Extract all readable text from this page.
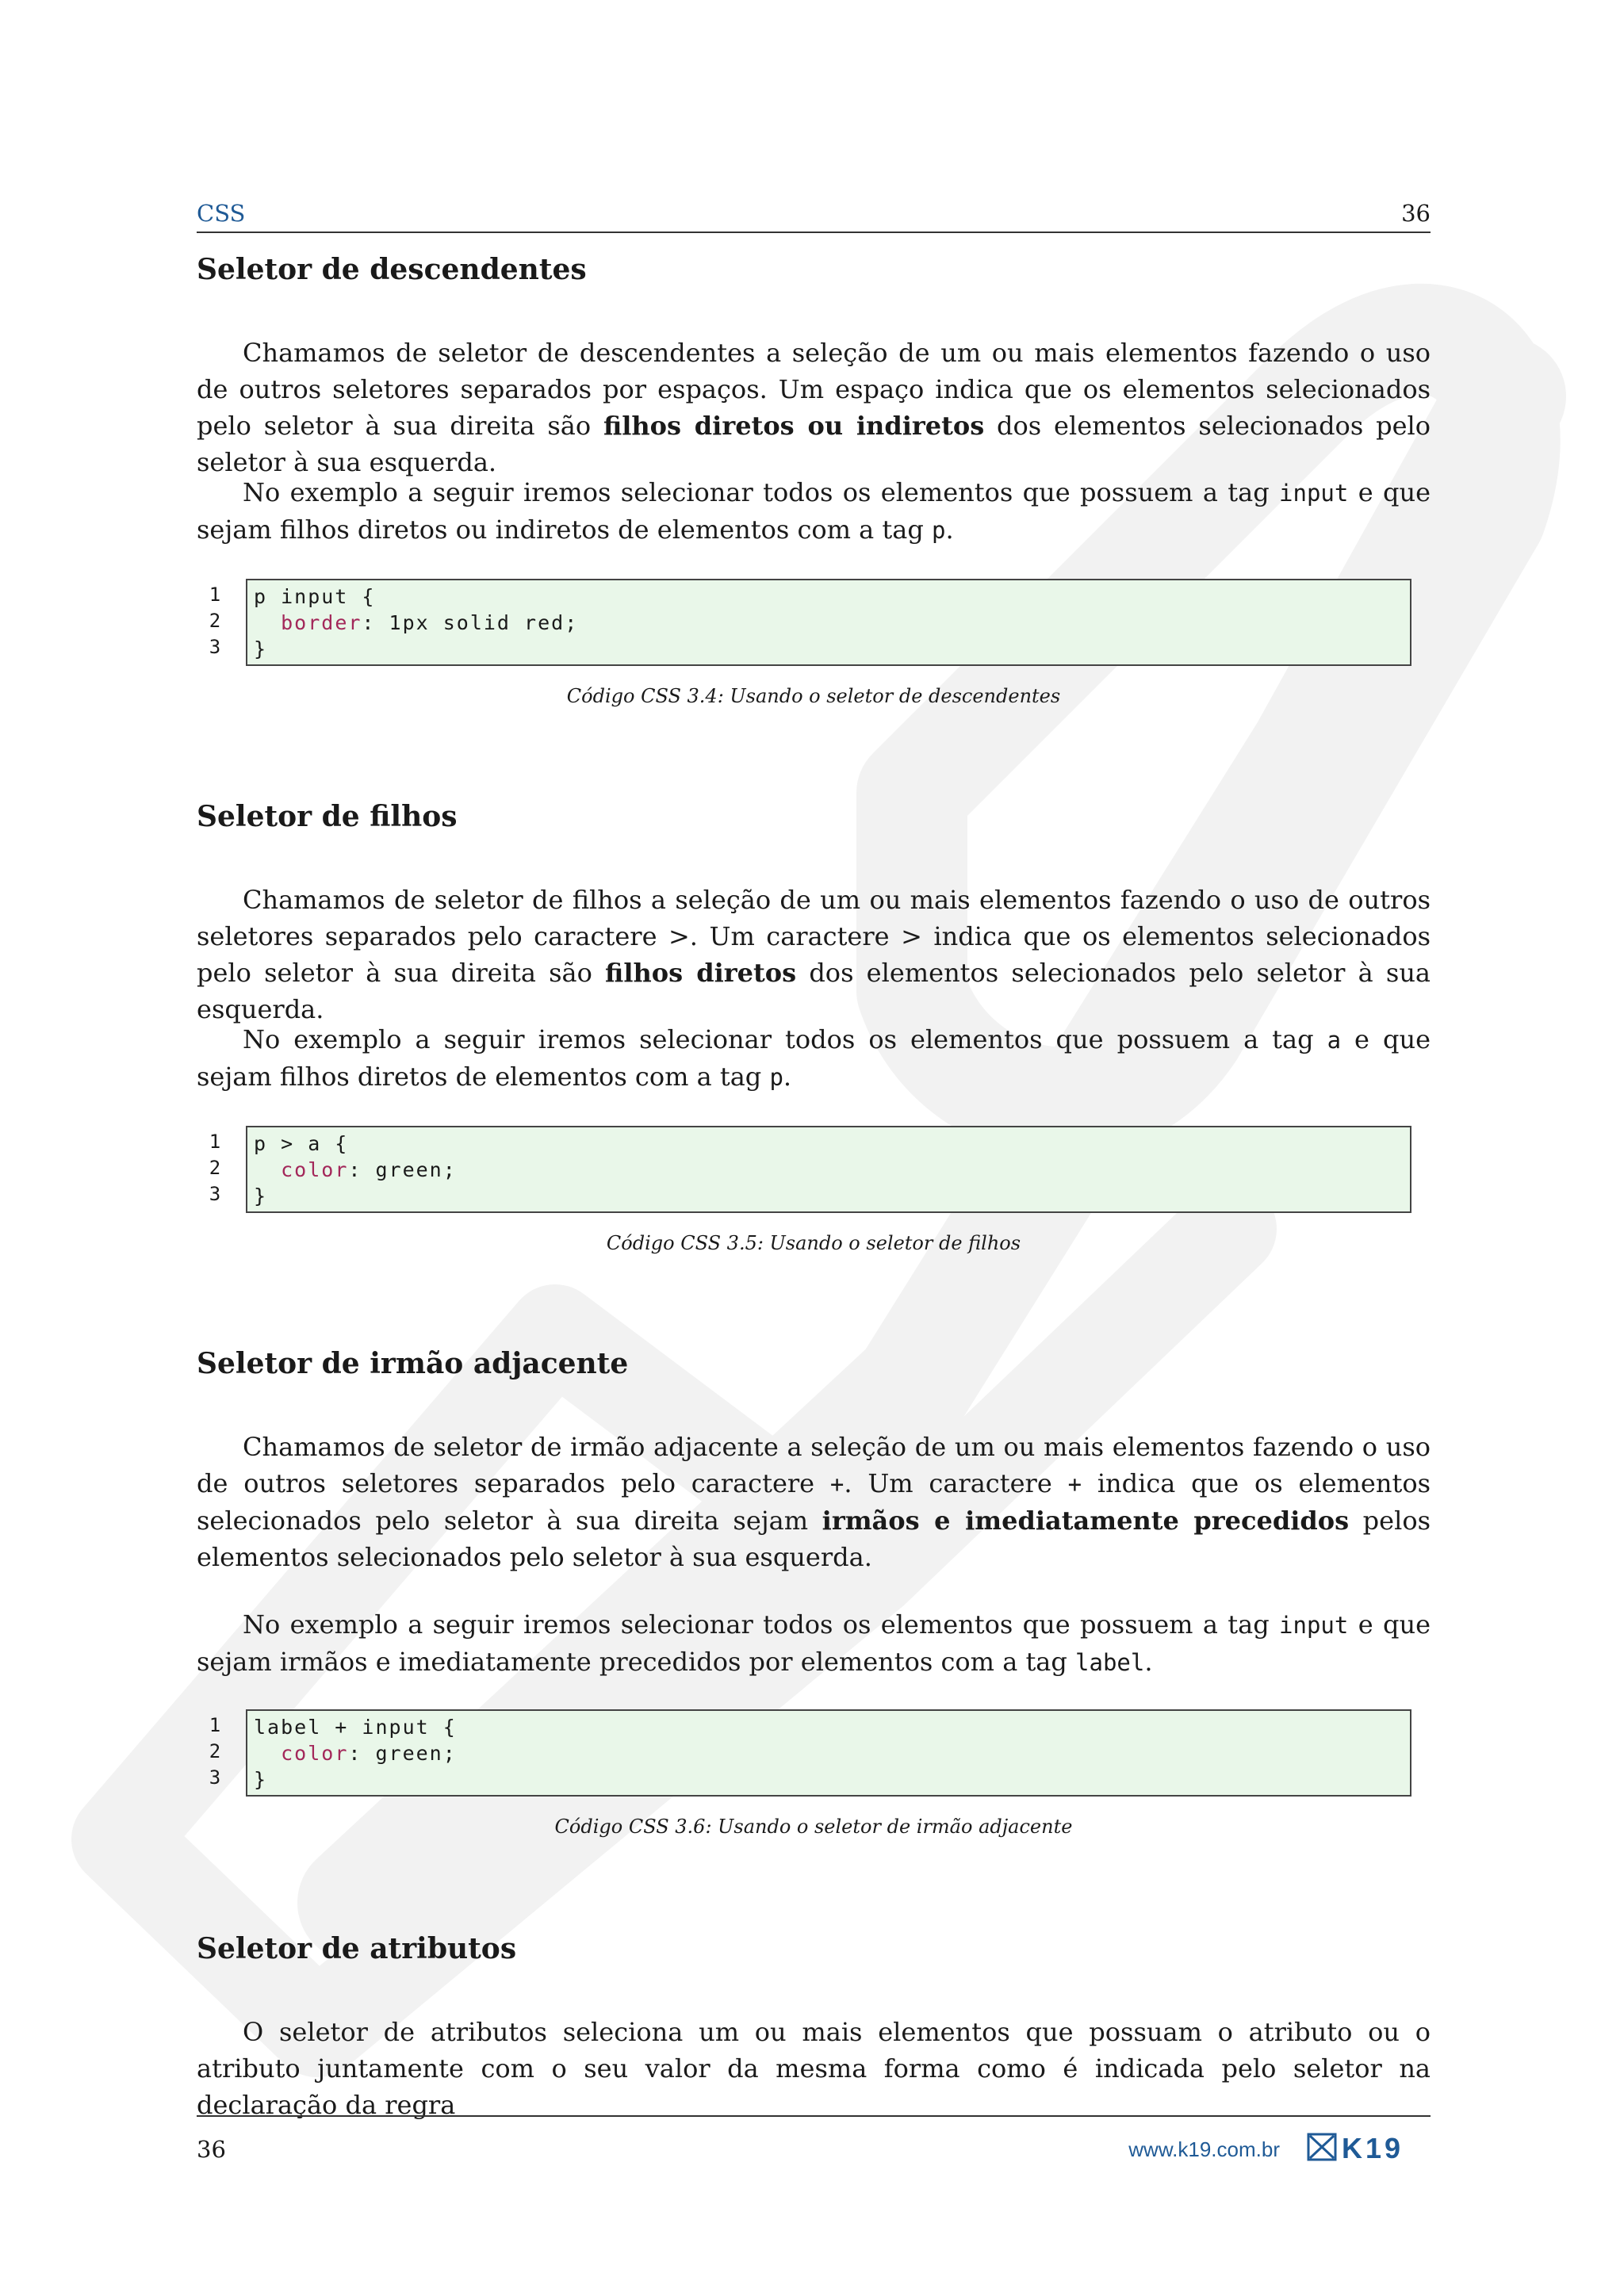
CSS	36
Seletor de descendentes

Chamamos de seletor de descendentes a seleção de um ou mais elementos fazendo o uso de outros seletores separados por espaços. Um espaço indica que os elementos selecionados pelo seletor à sua direita são filhos diretos ou indiretos dos elementos selecionados pelo seletor à sua esquerda.

No exemplo a seguir iremos selecionar todos os elementos que possuem a tag input e que sejam filhos diretos ou indiretos de elementos com a tag p.

1
2
3
p input {
border: 1px solid red;
}
Código CSS 3.4: Usando o seletor de descendentes
Seletor de filhos

Chamamos de seletor de filhos a seleção de um ou mais elementos fazendo o uso de outros seletores separados pelo caractere >. Um caractere > indica que os elementos selecionados pelo seletor à sua direita são filhos diretos dos elementos selecionados pelo seletor à sua esquerda.

No exemplo a seguir iremos selecionar todos os elementos que possuem a tag a e que sejam filhos diretos de elementos com a tag p.

1
2
3
p > a {
color: green;
}
Código CSS 3.5: Usando o seletor de filhos
Seletor de irmão adjacente

Chamamos de seletor de irmão adjacente a seleção de um ou mais elementos fazendo o uso de outros seletores separados pelo caractere +. Um caractere + indica que os elementos selecionados pelo seletor à sua direita sejam irmãos e imediatamente precedidos pelos elementos selecionados pelo seletor à sua esquerda.

No exemplo a seguir iremos selecionar todos os elementos que possuem a tag input e que sejam irmãos e imediatamente precedidos por elementos com a tag label.

1
2
3
label + input {
color: green;
}
Código CSS 3.6: Usando o seletor de irmão adjacente
Seletor de atributos

O seletor de atributos seleciona um ou mais elementos que possuam o atributo ou o atributo juntamente com o seu valor da mesma forma como é indicada pelo seletor na declaração da regra

36	www.k19.com.br K19
